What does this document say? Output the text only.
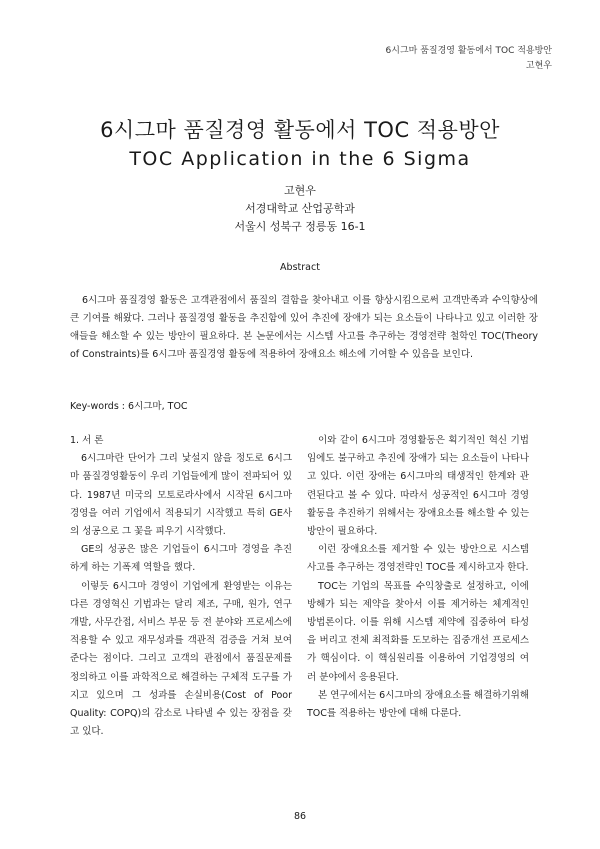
6시그마 품질경영 활동에서 TOC 적용방안
고현우
6시그마 품질경영 활동에서 TOC 적용방안
TOC Application in the 6 Sigma
고현우
서경대학교 산업공학과
서울시 성북구 정릉동 16-1
Abstract
6시그마 품질경영 활동은 고객관점에서 품질의 결함을 찾아내고 이를 향상시킴으로써 고객만족과 수익향상에 큰 기여를 해왔다. 그러나 품질경영 활동을 추진함에 있어 추진에 장애가 되는 요소들이 나타나고 있고 이러한 장애들을 해소할 수 있는 방안이 필요하다. 본 논문에서는 시스템 사고를 추구하는 경영전략 철학인 TOC(Theory of Constraints)를 6시그마 품질경영 활동에 적용하여 장애요소 해소에 기여할 수 있음을 보인다.
Key-words : 6시그마, TOC

1. 서 론

6시그마란 단어가 그리 낯설지 않을 정도로 6시그마 품질경영활동이 우리 기업들에게 많이 전파되어 있다. 1987년 미국의 모토로라사에서 시작된 6시그마 경영을 여러 기업에서 적용되기 시작했고 특히 GE사의 성공으로 그 꽃을 피우기 시작했다.

GE의 성공은 많은 기업들이 6시그마 경영을 추진하게 하는 기폭제 역할을 했다.

이렇듯 6시그마 경영이 기업에게 환영받는 이유는 다른 경영혁신 기법과는 달리 제조, 구매, 원가, 연구개발, 사무간접, 서비스 부문 등 전 분야와 프로세스에 적용할 수 있고 재무성과를 객관적 검증을 거쳐 보여준다는 점이다. 그리고 고객의 관점에서 품질문제를 정의하고 이를 과학적으로 해결하는 구체적 도구를 가지고 있으며 그 성과를 손실비용(Cost of Poor Quality: COPQ)의 감소로 나타낼 수 있는 장점을 갖고 있다.

이와 같이 6시그마 경영활동은 획기적인 혁신 기법임에도 불구하고 추진에 장애가 되는 요소들이 나타나고 있다. 이런 장애는 6시그마의 태생적인 한계와 관련된다고 볼 수 있다. 따라서 성공적인 6시그마 경영활동을 추진하기 위해서는 장애요소를 해소할 수 있는 방안이 필요하다.

이런 장애요소를 제거할 수 있는 방안으로 시스템 사고를 추구하는 경영전략인 TOC를 제시하고자 한다.

TOC는 기업의 목표를 수익창출로 설정하고, 이에 방해가 되는 제약을 찾아서 이를 제거하는 체계적인 방법론이다. 이를 위해 시스템 제약에 집중하여 타성을 버리고 전체 최적화를 도모하는 집중개선 프로세스가 핵심이다. 이 핵심원리를 이용하여 기업경영의 여러 분야에서 응용된다.

본 연구에서는 6시그마의 장애요소를 해결하기위해 TOC를 적용하는 방안에 대해 다룬다.

86
